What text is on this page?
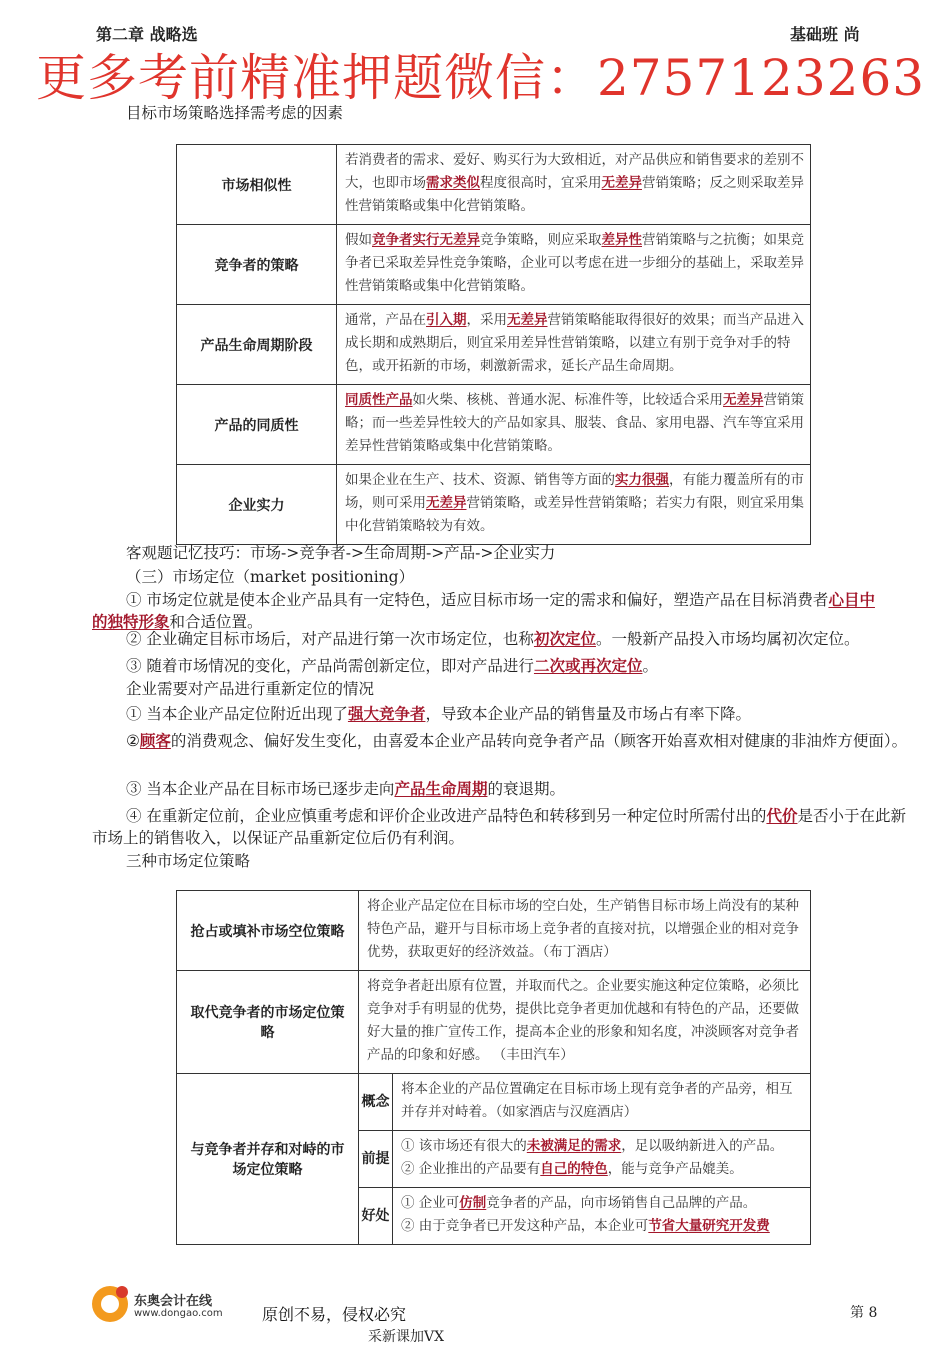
第二章 战略选	基础班 尚
更多考前精准押题微信：2757123263
目标市场策略选择需考虑的因素
市场相似性	若消费者的需求、爱好、购买行为大致相近，对产品供应和销售要求的差别不大，也即市场需求类似程度很高时，宜采用无差异营销策略；反之则采取差异性营销策略或集中化营销策略。
竞争者的策略	假如竞争者实行无差异竞争策略，则应采取差异性营销策略与之抗衡；如果竞争者已采取差异性竞争策略，企业可以考虑在进一步细分的基础上，采取差异性营销策略或集中化营销策略。
产品生命周期阶段	通常，产品在引入期，采用无差异营销策略能取得很好的效果；而当产品进入成长期和成熟期后，则宜采用差异性营销策略，以建立有别于竞争对手的特色，或开拓新的市场，刺激新需求，延长产品生命周期。
产品的同质性	同质性产品如火柴、核桃、普通水泥、标准件等，比较适合采用无差异营销策略；而一些差异性较大的产品如家具、服装、食品、家用电器、汽车等宜采用差异性营销策略或集中化营销策略。
企业实力	如果企业在生产、技术、资源、销售等方面的实力很强，有能力覆盖所有的市场，则可采用无差异营销策略，或差异性营销策略；若实力有限，则宜采用集中化营销策略较为有效。
客观题记忆技巧：市场->竞争者->生命周期->产品->企业实力
（三）市场定位（market positioning）
① 市场定位就是使本企业产品具有一定特色，适应目标市场一定的需求和偏好，塑造产品在目标消费者心目中的独特形象和合适位置。
② 企业确定目标市场后，对产品进行第一次市场定位，也称初次定位。一般新产品投入市场均属初次定位。
③ 随着市场情况的变化，产品尚需创新定位，即对产品进行二次或再次定位。
企业需要对产品进行重新定位的情况
① 当本企业产品定位附近出现了强大竞争者，导致本企业产品的销售量及市场占有率下降。
②顾客的消费观念、偏好发生变化，由喜爱本企业产品转向竞争者产品（顾客开始喜欢相对健康的非油炸方便面）。
③ 当本企业产品在目标市场已逐步走向产品生命周期的衰退期。
④ 在重新定位前，企业应慎重考虑和评价企业改进产品特色和转移到另一种定位时所需付出的代价是否小于在此新市场上的销售收入，以保证产品重新定位后仍有利润。
三种市场定位策略
抢占或填补市场空位策略	将企业产品定位在目标市场的空白处，生产销售目标市场上尚没有的某种特色产品，避开与目标市场上竞争者的直接对抗，以增强企业的相对竞争优势，获取更好的经济效益。（布丁酒店）	
取代竞争者的市场定位策略	将竞争者赶出原有位置，并取而代之。企业要实施这种定位策略，必须比竞争对手有明显的优势，提供比竞争者更加优越和有特色的产品，还要做好大量的推广宣传工作，提高本企业的形象和知名度，冲淡顾客对竞争者产品的印象和好感。 （丰田汽车）	
与竞争者并存和对峙的市场定位策略	概念	将本企业的产品位置确定在目标市场上现有竞争者的产品旁，相互并存并对峙着。（如家酒店与汉庭酒店）

	前提	① 该市场还有很大的未被满足的需求，足以吸纳新进入的产品。
② 企业推出的产品要有自己的特色，能与竞争产品媲美。

	好处	① 企业可仿制竞争者的产品，向市场销售自己品牌的产品。
② 由于竞争者已开发这种产品，本企业可节省大量研究开发费
东奥会计在线
www.dongao.com 原创不易，侵权必究	第 8
采新课加VX
